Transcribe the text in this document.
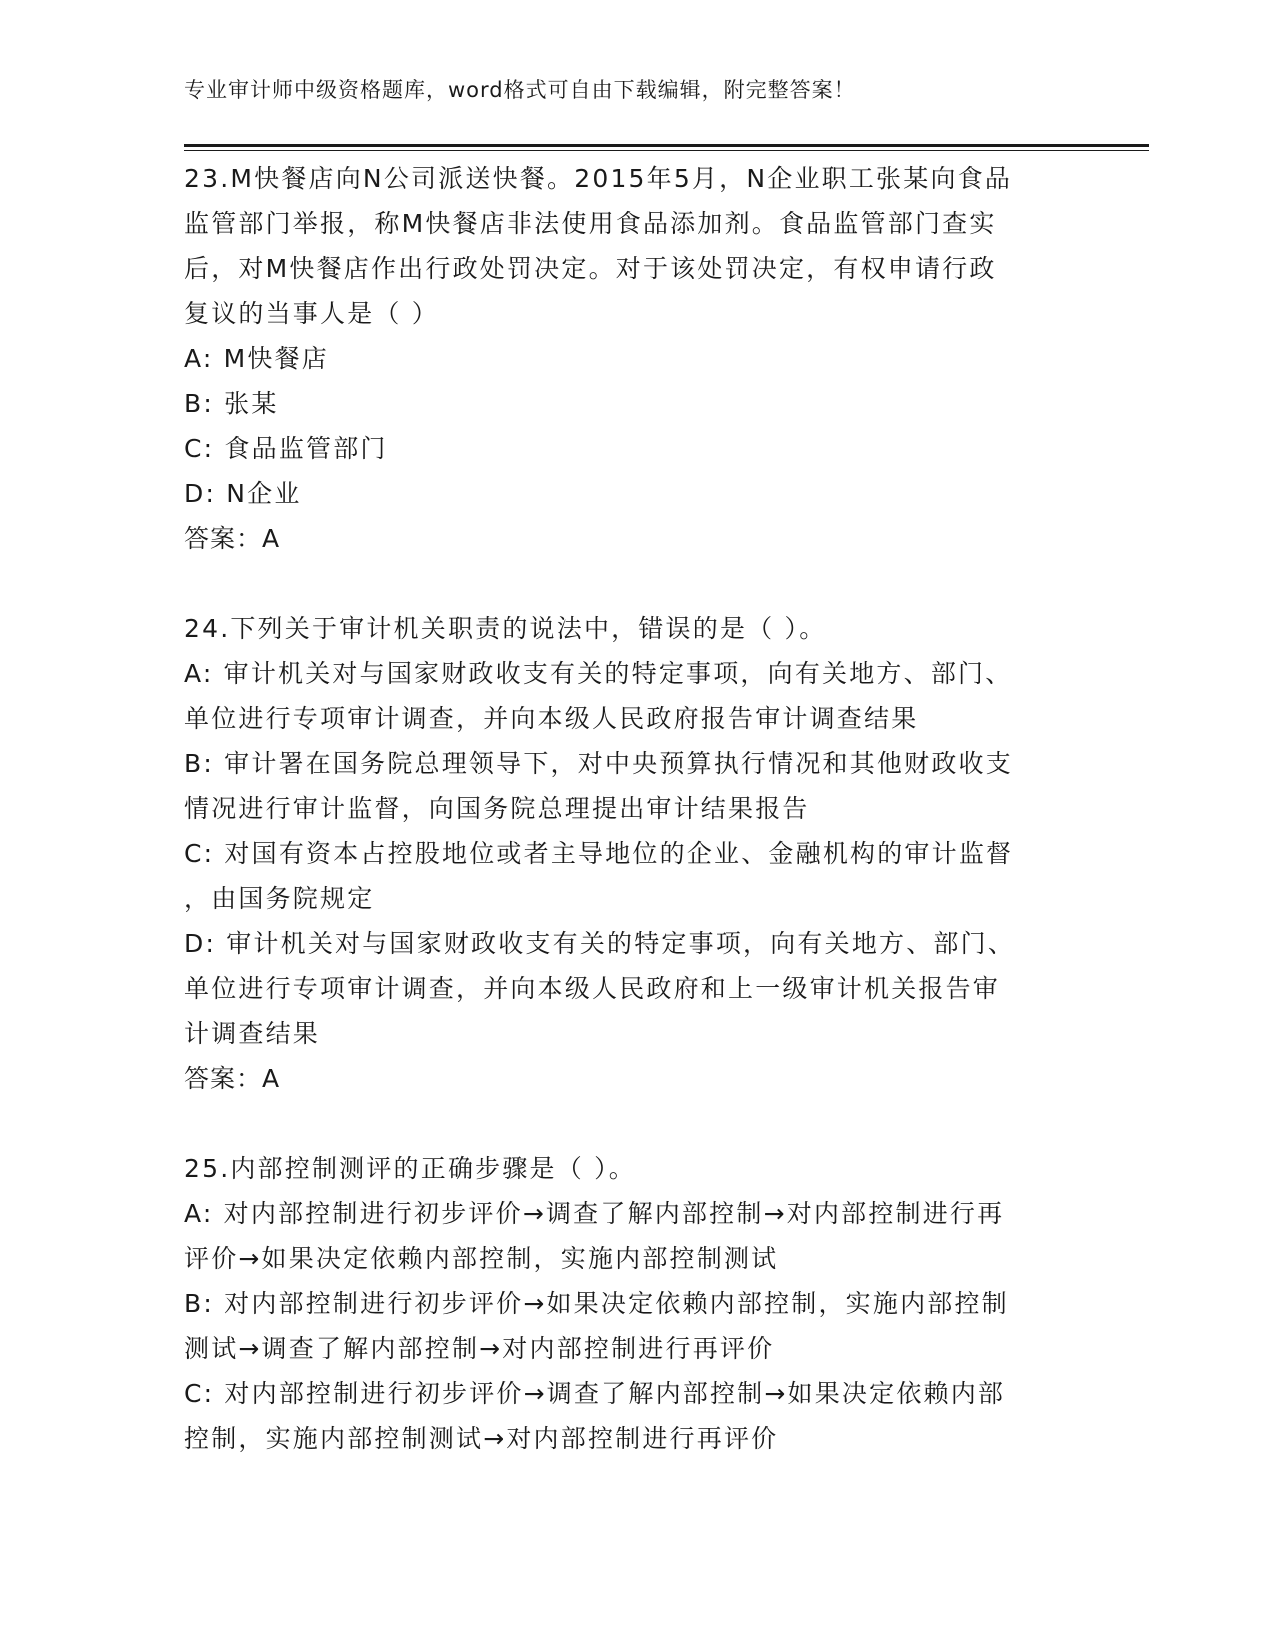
专业审计师中级资格题库，word格式可自由下载编辑，附完整答案！
23.M快餐店向N公司派送快餐。2015年5月，N企业职工张某向食品
监管部门举报，称M快餐店非法使用食品添加剂。食品监管部门查实
后，对M快餐店作出行政处罚决定。对于该处罚决定，有权申请行政
复议的当事人是（ ）
A: M快餐店
B: 张某
C: 食品监管部门
D: N企业
答案：A
24.下列关于审计机关职责的说法中，错误的是（ ）。
A: 审计机关对与国家财政收支有关的特定事项，向有关地方、部门、
单位进行专项审计调查，并向本级人民政府报告审计调查结果
B: 审计署在国务院总理领导下，对中央预算执行情况和其他财政收支
情况进行审计监督，向国务院总理提出审计结果报告
C: 对国有资本占控股地位或者主导地位的企业、金融机构的审计监督
，由国务院规定
D: 审计机关对与国家财政收支有关的特定事项，向有关地方、部门、
单位进行专项审计调查，并向本级人民政府和上一级审计机关报告审
计调查结果
答案：A
25.内部控制测评的正确步骤是（ ）。
A: 对内部控制进行初步评价→调查了解内部控制→对内部控制进行再
评价→如果决定依赖内部控制，实施内部控制测试
B: 对内部控制进行初步评价→如果决定依赖内部控制，实施内部控制
测试→调查了解内部控制→对内部控制进行再评价
C: 对内部控制进行初步评价→调查了解内部控制→如果决定依赖内部
控制，实施内部控制测试→对内部控制进行再评价
